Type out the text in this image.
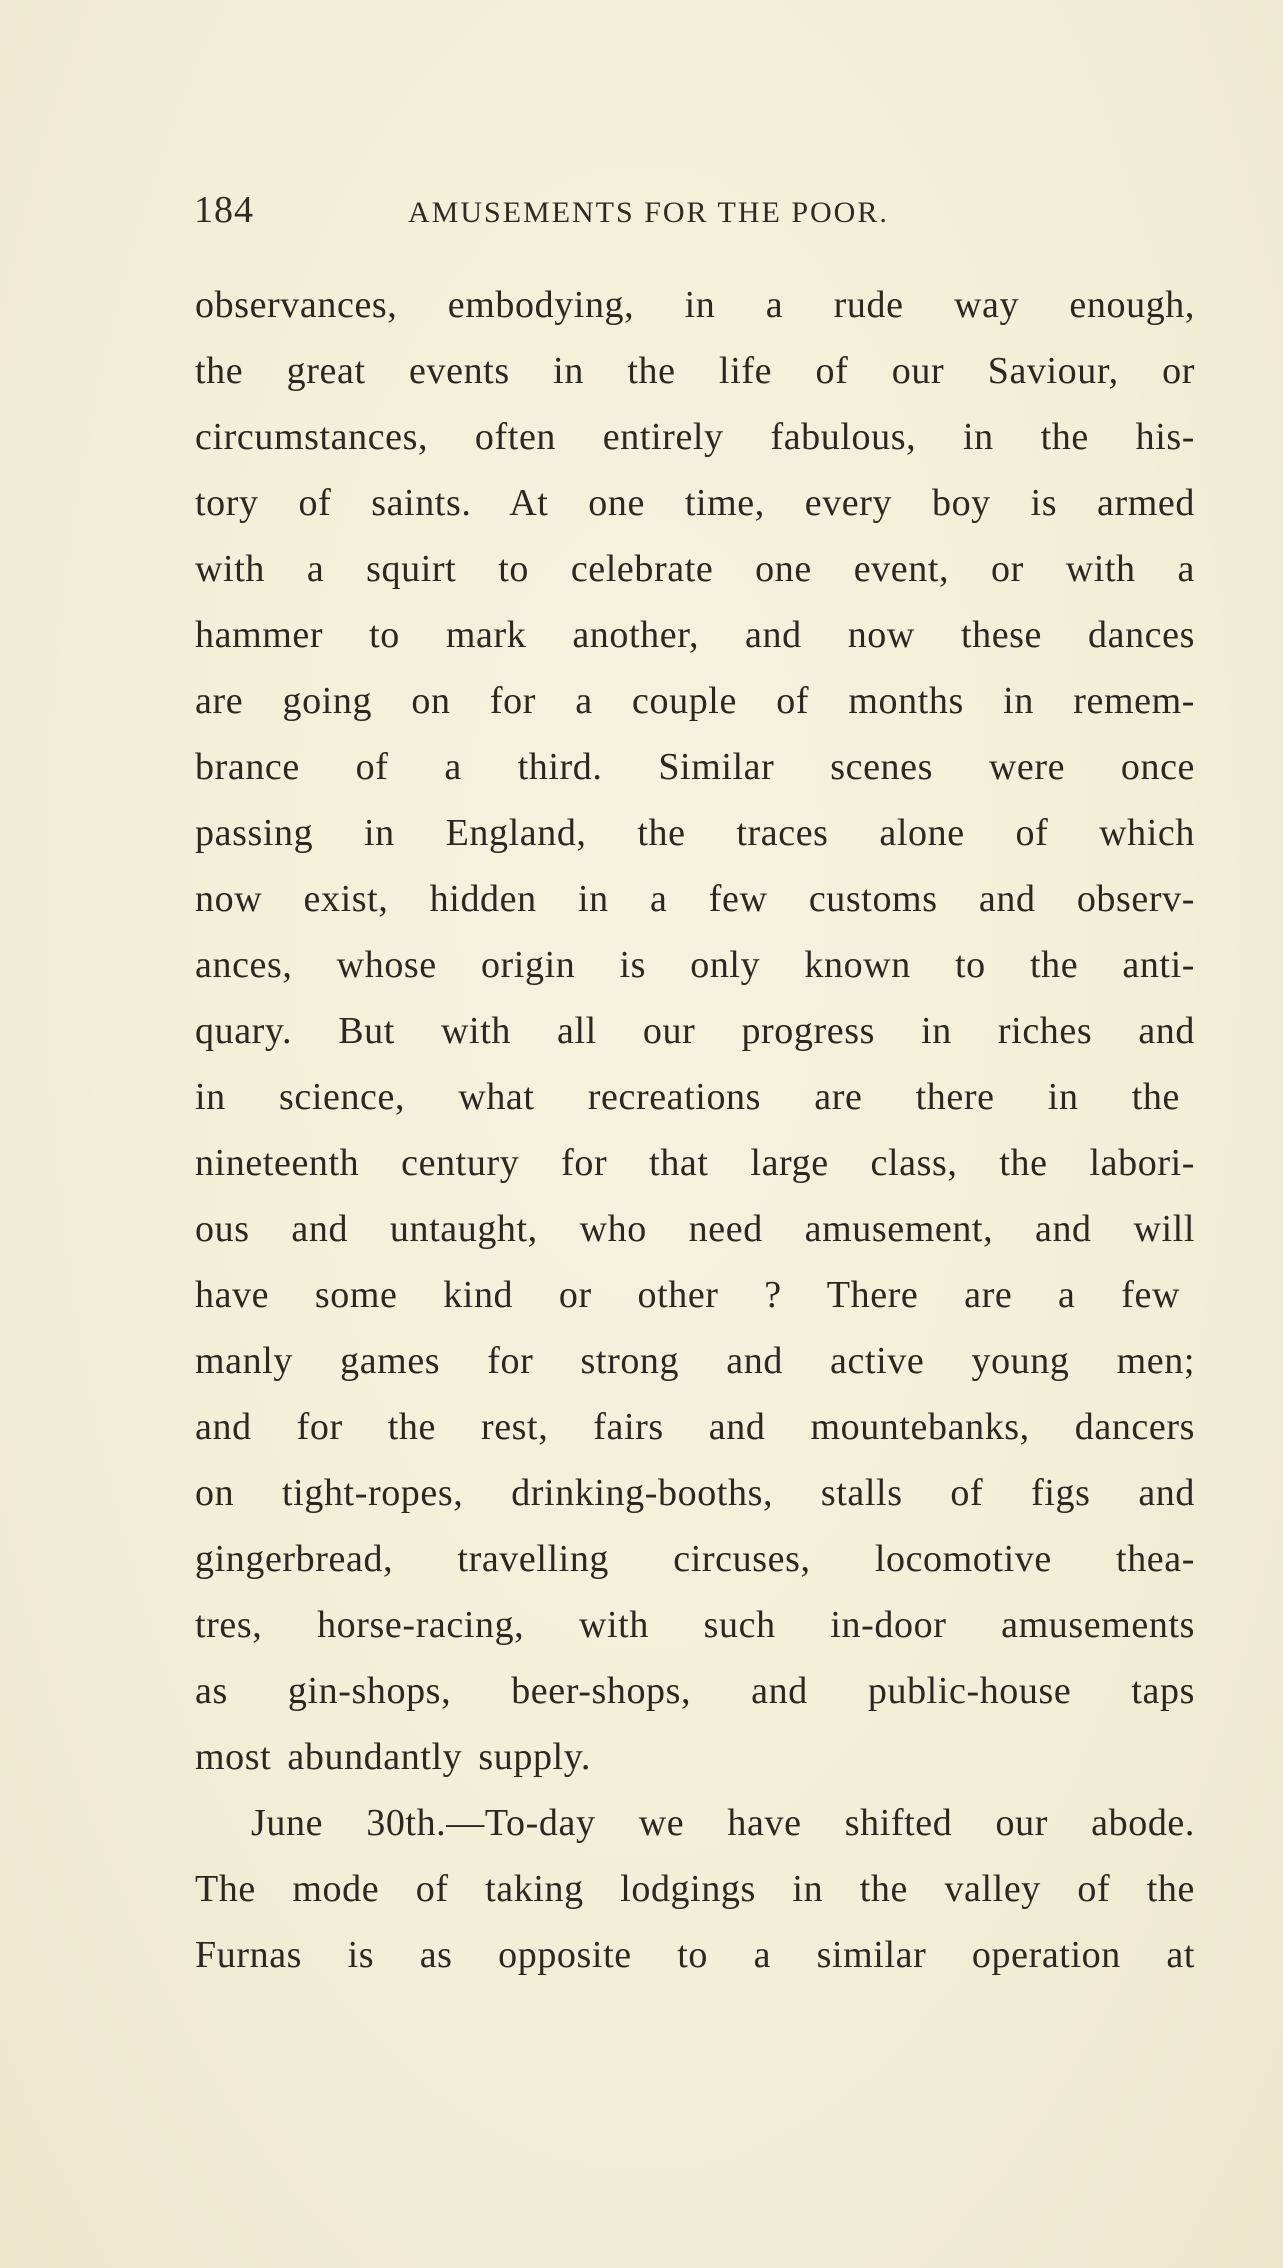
184	AMUSEMENTS FOR THE POOR.
observances, embodying, in a rude way enough,
the great events in the life of our Saviour, or
circumstances, often entirely fabulous, in the his-
tory of saints. At one time, every boy is armed
with a squirt to celebrate one event, or with a
hammer to mark another, and now these dances
are going on for a couple of months in remem-
brance of a third. Similar scenes were once
passing in England, the traces alone of which
now exist, hidden in a few customs and observ-
ances, whose origin is only known to the anti-
quary. But with all our progress in riches and
in science, what recreations are there in the
nineteenth century for that large class, the labori-
ous and untaught, who need amusement, and will
have some kind or other ? There are a few
manly games for strong and active young men;
and for the rest, fairs and mountebanks, dancers
on tight-ropes, drinking-booths, stalls of figs and
gingerbread, travelling circuses, locomotive thea-
tres, horse-racing, with such in-door amusements
as gin-shops, beer-shops, and public-house taps
most abundantly supply.
June 30th.—To-day we have shifted our abode.
The mode of taking lodgings in the valley of the
Furnas is as opposite to a similar operation at
